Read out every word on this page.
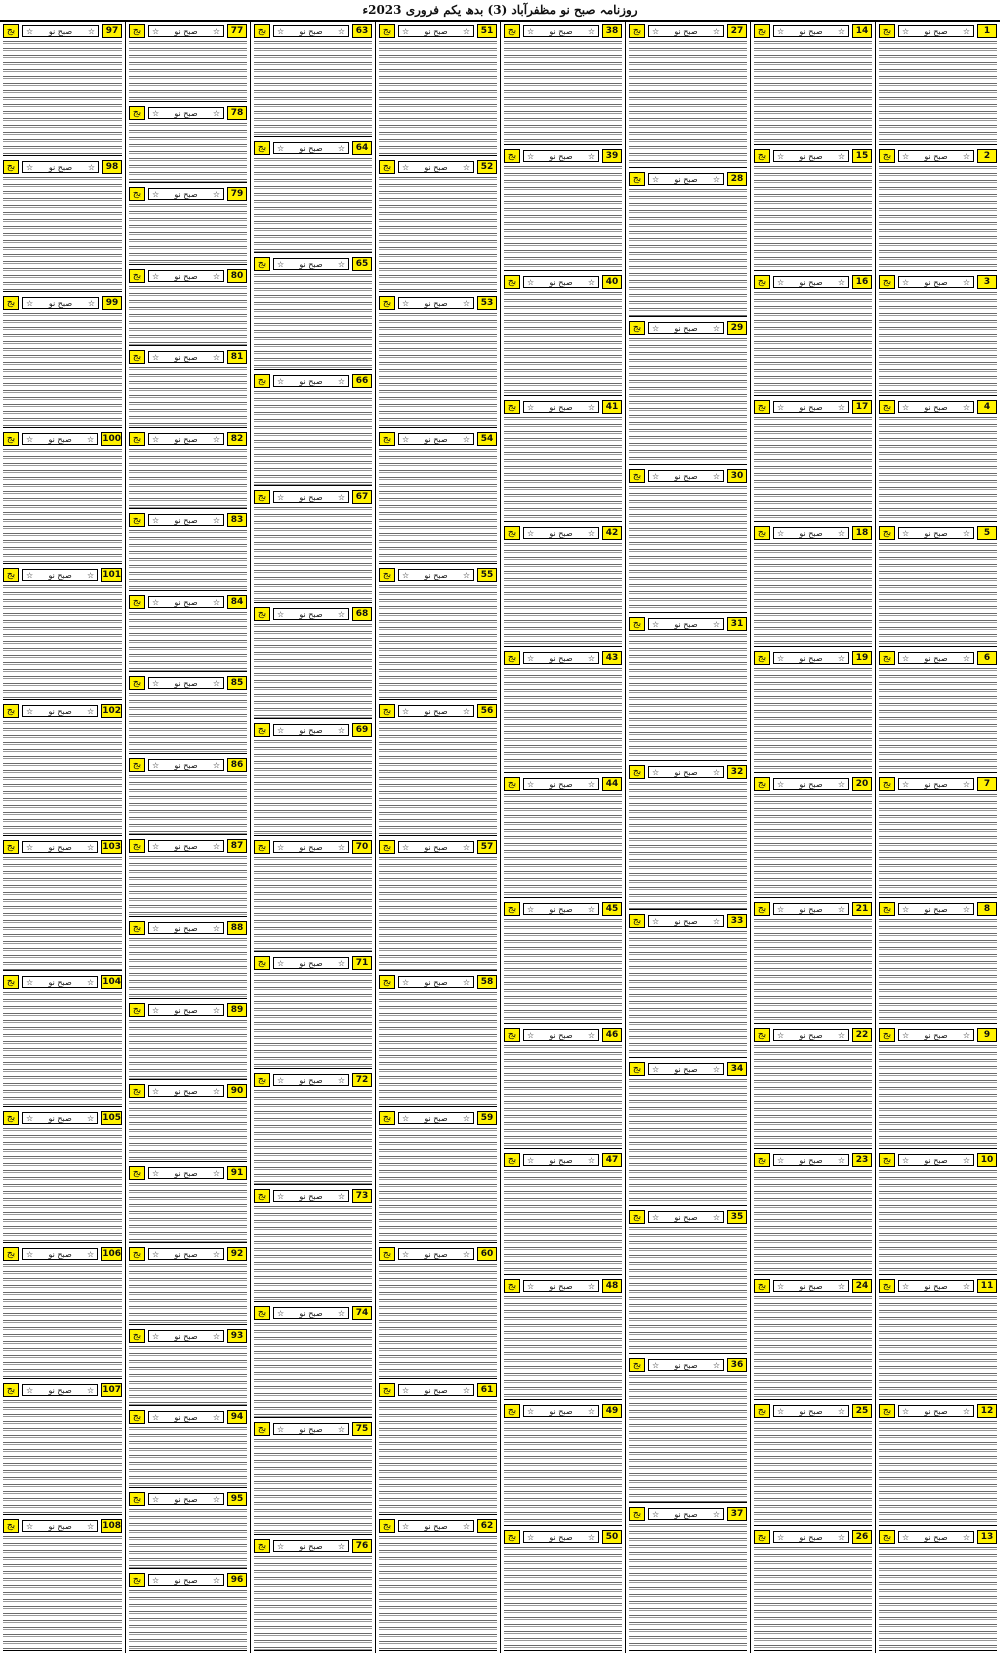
روزنامہ صبح نو مظفرآباد (3) بدھ یکم فروری 2023ء
1
☆ صبح نو ☆
بج
2
☆ صبح نو ☆
بج
3
☆ صبح نو ☆
بج
4
☆ صبح نو ☆
بج
5
☆ صبح نو ☆
بج
6
☆ صبح نو ☆
بج
7
☆ صبح نو ☆
بج
8
☆ صبح نو ☆
بج
9
☆ صبح نو ☆
بج
10
☆ صبح نو ☆
بج
11
☆ صبح نو ☆
بج
12
☆ صبح نو ☆
بج
13
☆ صبح نو ☆
بج
14
☆ صبح نو ☆
بج
15
☆ صبح نو ☆
بج
16
☆ صبح نو ☆
بج
17
☆ صبح نو ☆
بج
18
☆ صبح نو ☆
بج
19
☆ صبح نو ☆
بج
20
☆ صبح نو ☆
بج
21
☆ صبح نو ☆
بج
22
☆ صبح نو ☆
بج
23
☆ صبح نو ☆
بج
24
☆ صبح نو ☆
بج
25
☆ صبح نو ☆
بج
26
☆ صبح نو ☆
بج
27
☆ صبح نو ☆
بج
28
☆ صبح نو ☆
بج
29
☆ صبح نو ☆
بج
30
☆ صبح نو ☆
بج
31
☆ صبح نو ☆
بج
32
☆ صبح نو ☆
بج
33
☆ صبح نو ☆
بج
34
☆ صبح نو ☆
بج
35
☆ صبح نو ☆
بج
36
☆ صبح نو ☆
بج
37
☆ صبح نو ☆
بج
38
☆ صبح نو ☆
بج
39
☆ صبح نو ☆
بج
40
☆ صبح نو ☆
بج
41
☆ صبح نو ☆
بج
42
☆ صبح نو ☆
بج
43
☆ صبح نو ☆
بج
44
☆ صبح نو ☆
بج
45
☆ صبح نو ☆
بج
46
☆ صبح نو ☆
بج
47
☆ صبح نو ☆
بج
48
☆ صبح نو ☆
بج
49
☆ صبح نو ☆
بج
50
☆ صبح نو ☆
بج
51
☆ صبح نو ☆
بج
52
☆ صبح نو ☆
بج
53
☆ صبح نو ☆
بج
54
☆ صبح نو ☆
بج
55
☆ صبح نو ☆
بج
56
☆ صبح نو ☆
بج
57
☆ صبح نو ☆
بج
58
☆ صبح نو ☆
بج
59
☆ صبح نو ☆
بج
60
☆ صبح نو ☆
بج
61
☆ صبح نو ☆
بج
62
☆ صبح نو ☆
بج
63
☆ صبح نو ☆
بج
64
☆ صبح نو ☆
بج
65
☆ صبح نو ☆
بج
66
☆ صبح نو ☆
بج
67
☆ صبح نو ☆
بج
68
☆ صبح نو ☆
بج
69
☆ صبح نو ☆
بج
70
☆ صبح نو ☆
بج
71
☆ صبح نو ☆
بج
72
☆ صبح نو ☆
بج
73
☆ صبح نو ☆
بج
74
☆ صبح نو ☆
بج
75
☆ صبح نو ☆
بج
76
☆ صبح نو ☆
بج
77
☆ صبح نو ☆
بج
78
☆ صبح نو ☆
بج
79
☆ صبح نو ☆
بج
80
☆ صبح نو ☆
بج
81
☆ صبح نو ☆
بج
82
☆ صبح نو ☆
بج
83
☆ صبح نو ☆
بج
84
☆ صبح نو ☆
بج
85
☆ صبح نو ☆
بج
86
☆ صبح نو ☆
بج
87
☆ صبح نو ☆
بج
88
☆ صبح نو ☆
بج
89
☆ صبح نو ☆
بج
90
☆ صبح نو ☆
بج
91
☆ صبح نو ☆
بج
92
☆ صبح نو ☆
بج
93
☆ صبح نو ☆
بج
94
☆ صبح نو ☆
بج
95
☆ صبح نو ☆
بج
96
☆ صبح نو ☆
بج
97
☆ صبح نو ☆
بج
98
☆ صبح نو ☆
بج
99
☆ صبح نو ☆
بج
100
☆ صبح نو ☆
بج
101
☆ صبح نو ☆
بج
102
☆ صبح نو ☆
بج
103
☆ صبح نو ☆
بج
104
☆ صبح نو ☆
بج
105
☆ صبح نو ☆
بج
106
☆ صبح نو ☆
بج
107
☆ صبح نو ☆
بج
108
☆ صبح نو ☆
بج
